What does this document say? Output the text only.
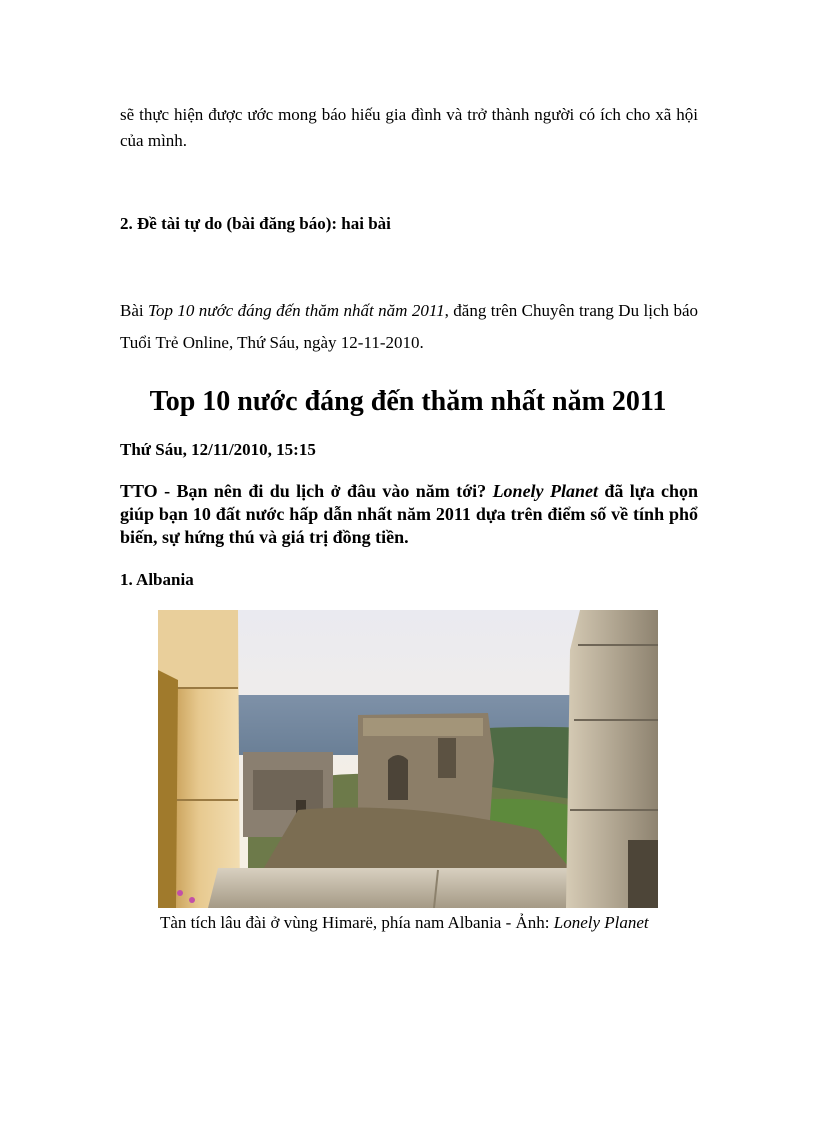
sẽ thực hiện được ước mong báo hiếu gia đình và trở thành người có ích cho xã hội của mình.
2. Đề tài tự do (bài đăng báo): hai bài
Bài Top 10 nước đáng đến thăm nhất năm 2011, đăng trên Chuyên trang Du lịch báo Tuổi Trẻ Online, Thứ Sáu, ngày 12-11-2010.
Top 10 nước đáng đến thăm nhất năm 2011
Thứ Sáu, 12/11/2010, 15:15
TTO - Bạn nên đi du lịch ở đâu vào năm tới? Lonely Planet đã lựa chọn giúp bạn 10 đất nước hấp dẫn nhất năm 2011 dựa trên điểm số về tính phổ biến, sự hứng thú và giá trị đồng tiền.
1. Albania
Tàn tích lâu đài ở vùng Himarë, phía nam Albania - Ảnh: Lonely Planet
